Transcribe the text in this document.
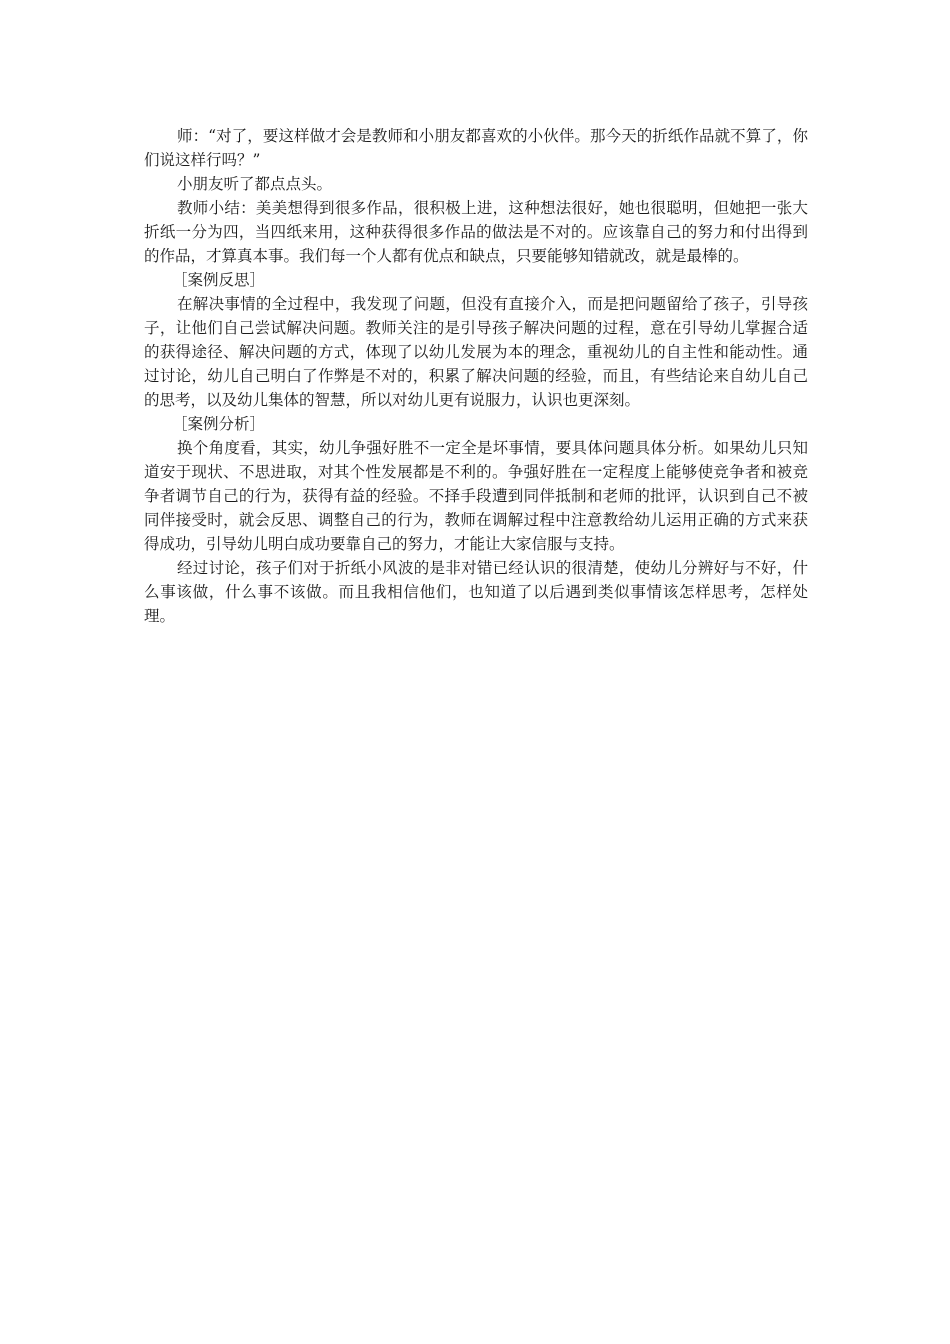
师：“对了，要这样做才会是教师和小朋友都喜欢的小伙伴。那今天的折纸作品就不算了，你们说这样行吗？”

小朋友听了都点点头。

教师小结：美美想得到很多作品，很积极上进，这种想法很好，她也很聪明，但她把一张大折纸一分为四，当四纸来用，这种获得很多作品的做法是不对的。应该靠自己的努力和付出得到的作品，才算真本事。我们每一个人都有优点和缺点，只要能够知错就改，就是最棒的。

［案例反思］

在解决事情的全过程中，我发现了问题，但没有直接介入，而是把问题留给了孩子，引导孩子，让他们自己尝试解决问题。教师关注的是引导孩子解决问题的过程，意在引导幼儿掌握合适的获得途径、解决问题的方式，体现了以幼儿发展为本的理念，重视幼儿的自主性和能动性。通过讨论，幼儿自己明白了作弊是不对的，积累了解决问题的经验，而且，有些结论来自幼儿自己的思考，以及幼儿集体的智慧，所以对幼儿更有说服力，认识也更深刻。

［案例分析］

换个角度看，其实，幼儿争强好胜不一定全是坏事情，要具体问题具体分析。如果幼儿只知道安于现状、不思进取，对其个性发展都是不利的。争强好胜在一定程度上能够使竞争者和被竞争者调节自己的行为，获得有益的经验。不择手段遭到同伴抵制和老师的批评，认识到自己不被同伴接受时，就会反思、调整自己的行为，教师在调解过程中注意教给幼儿运用正确的方式来获得成功，引导幼儿明白成功要靠自己的努力，才能让大家信服与支持。

经过讨论，孩子们对于折纸小风波的是非对错已经认识的很清楚，使幼儿分辨好与不好，什么事该做，什么事不该做。而且我相信他们，也知道了以后遇到类似事情该怎样思考，怎样处理。
